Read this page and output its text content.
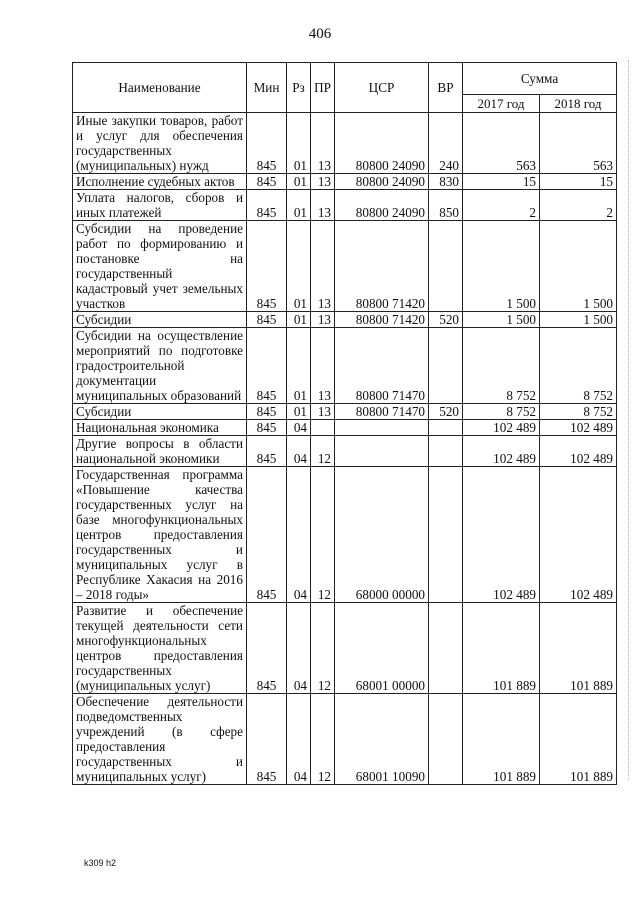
406
Наименование	Мин	Рз	ПР	ЦСР	ВР	Сумма	
						2017 год	2018 год
Иные закупки товаров, работ и услуг для обеспечения государственных (муниципальных) нужд	845	01	13	80800 24090	240	563	563
Исполнение судебных актов	845	01	13	80800 24090	830	15	15
Уплата налогов, сборов и иных платежей	845	01	13	80800 24090	850	2	2
Субсидии на проведение работ по формированию и постановке на государственный кадастровый учет земельных участков	845	01	13	80800 71420		1 500	1 500
Субсидии	845	01	13	80800 71420	520	1 500	1 500
Субсидии на осуществление мероприятий по подготовке градостроительной документации муниципальных образований	845	01	13	80800 71470		8 752	8 752
Субсидии	845	01	13	80800 71470	520	8 752	8 752
Национальная экономика	845	04				102 489	102 489
Другие вопросы в области национальной экономики	845	04	12			102 489	102 489
Государственная программа «Повышение качества государственных услуг на базе многофункциональных центров предоставления государственных и муниципальных услуг в Республике Хакасия на 2016 – 2018 годы»	845	04	12	68000 00000		102 489	102 489
Развитие и обеспечение текущей деятельности сети многофункциональных центров предоставления государственных (муниципальных услуг)	845	04	12	68001 00000		101 889	101 889
Обеспечение деятельности подведомственных учреждений (в сфере предоставления государственных и муниципальных услуг)	845	04	12	68001 10090		101 889	101 889
k309 h2
